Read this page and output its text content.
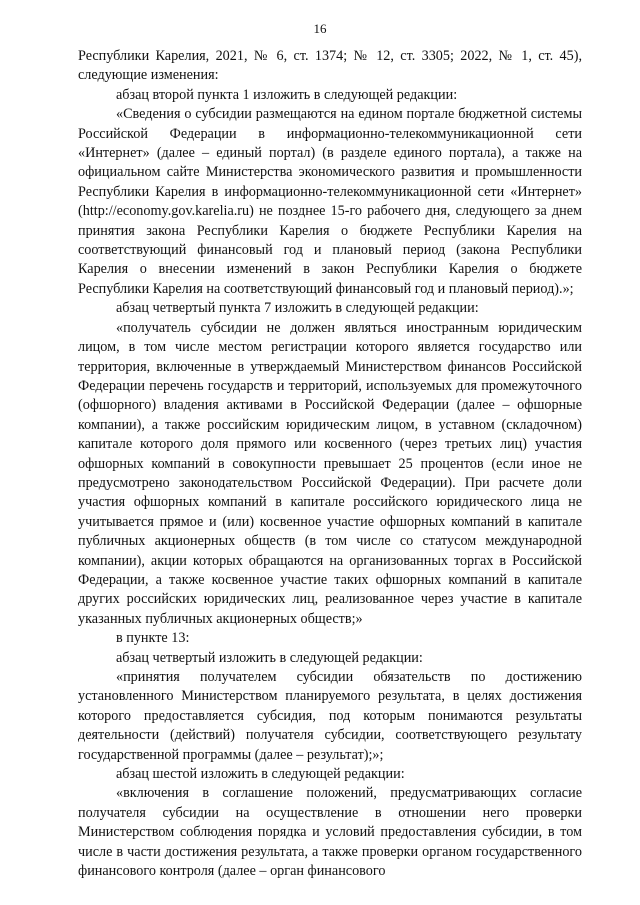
16

Республики Карелия, 2021, № 6, ст. 1374; № 12, ст. 3305; 2022, № 1, ст. 45), следующие изменения:

абзац второй пункта 1 изложить в следующей редакции:

«Сведения о субсидии размещаются на едином портале бюджетной системы Российской Федерации в информационно-телекоммуникационной сети «Интернет» (далее – единый портал) (в разделе единого портала), а также на официальном сайте Министерства экономического развития и промышленности Республики Карелия в информационно-телекоммуникационной сети «Интернет» (http://economy.gov.karelia.ru) не позднее 15-го рабочего дня, следующего за днем принятия закона Республики Карелия о бюджете Республики Карелия на соответствующий финансовый год и плановый период (закона Республики Карелия о внесении изменений в закон Республики Карелия о бюджете Республики Карелия на соответствующий финансовый год и плановый период).»;

абзац четвертый пункта 7 изложить в следующей редакции:

«получатель субсидии не должен являться иностранным юридическим лицом, в том числе местом регистрации которого является государство или территория, включенные в утверждаемый Министерством финансов Российской Федерации перечень государств и территорий, используемых для промежуточного (офшорного) владения активами в Российской Федерации (далее – офшорные компании), а также российским юридическим лицом, в уставном (складочном) капитале которого доля прямого или косвенного (через третьих лиц) участия офшорных компаний в совокупности превышает 25 процентов (если иное не предусмотрено законодательством Российской Федерации). При расчете доли участия офшорных компаний в капитале российского юридического лица не учитывается прямое и (или) косвенное участие офшорных компаний в капитале публичных акционерных обществ (в том числе со статусом международной компании), акции которых обращаются на организованных торгах в Российской Федерации, а также косвенное участие таких офшорных компаний в капитале других российских юридических лиц, реализованное через участие в капитале указанных публичных акционерных обществ;»

в пункте 13:

абзац четвертый изложить в следующей редакции:

«принятия получателем субсидии обязательств по достижению установленного Министерством планируемого результата, в целях достижения которого предоставляется субсидия, под которым понимаются результаты деятельности (действий) получателя субсидии, соответствующего результату государственной программы (далее – результат);»;

абзац шестой изложить в следующей редакции:

«включения в соглашение положений, предусматривающих согласие получателя субсидии на осуществление в отношении него проверки Министерством соблюдения порядка и условий предоставления субсидии, в том числе в части достижения результата, а также проверки органом государственного финансового контроля (далее – орган финансового
